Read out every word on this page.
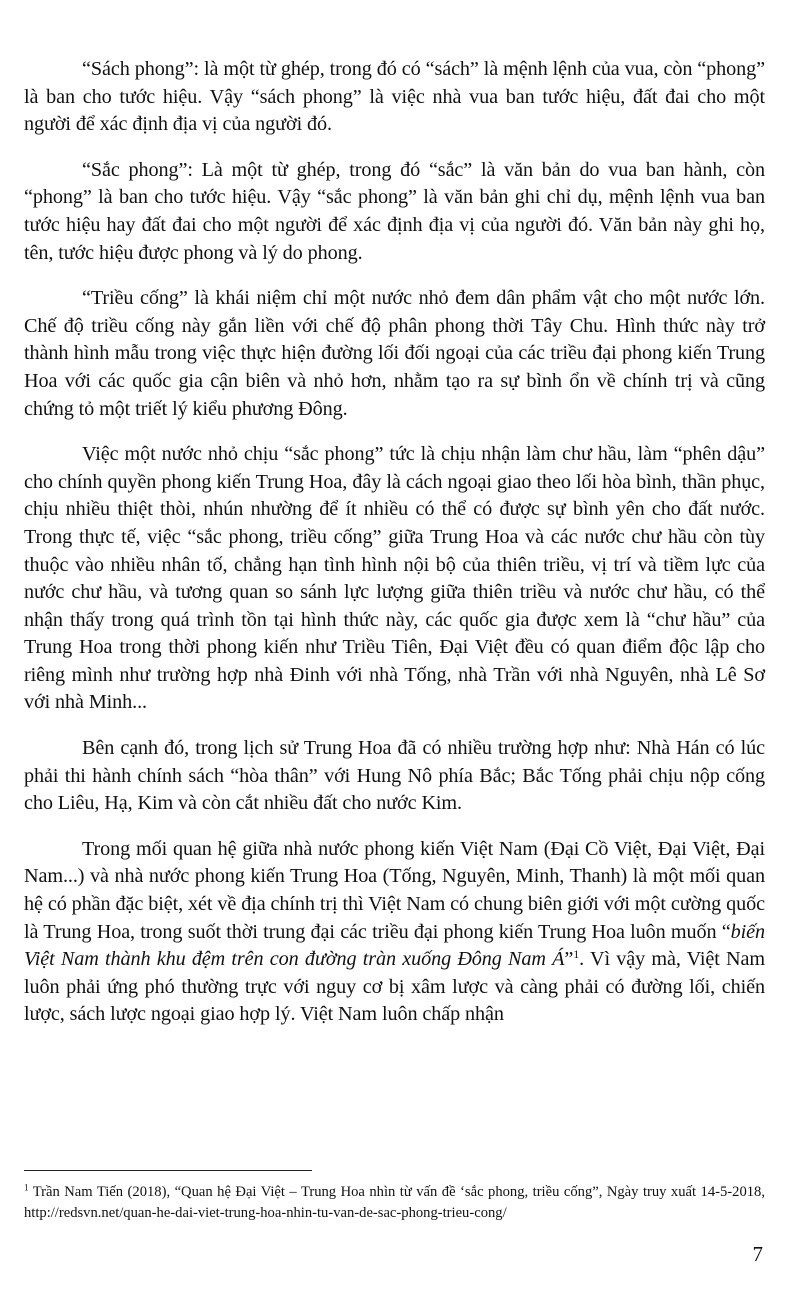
“Sách phong”: là một từ ghép, trong đó có “sách” là mệnh lệnh của vua, còn “phong” là ban cho tước hiệu. Vậy “sách phong” là việc nhà vua ban tước hiệu, đất đai cho một người để xác định địa vị của người đó.

“Sắc phong”: Là một từ ghép, trong đó “sắc” là văn bản do vua ban hành, còn “phong” là ban cho tước hiệu. Vậy “sắc phong” là văn bản ghi chỉ dụ, mệnh lệnh vua ban tước hiệu hay đất đai cho một người để xác định địa vị của người đó. Văn bản này ghi họ, tên, tước hiệu được phong và lý do phong.

“Triều cống” là khái niệm chỉ một nước nhỏ đem dân phẩm vật cho một nước lớn. Chế độ triều cống này gắn liền với chế độ phân phong thời Tây Chu. Hình thức này trở thành hình mẫu trong việc thực hiện đường lối đối ngoại của các triều đại phong kiến Trung Hoa với các quốc gia cận biên và nhỏ hơn, nhằm tạo ra sự bình ổn về chính trị và cũng chứng tỏ một triết lý kiểu phương Đông.

Việc một nước nhỏ chịu “sắc phong” tức là chịu nhận làm chư hầu, làm “phên dậu” cho chính quyền phong kiến Trung Hoa, đây là cách ngoại giao theo lối hòa bình, thần phục, chịu nhiều thiệt thòi, nhún nhường để ít nhiều có thể có được sự bình yên cho đất nước. Trong thực tế, việc “sắc phong, triều cống” giữa Trung Hoa và các nước chư hầu còn tùy thuộc vào nhiều nhân tố, chẳng hạn tình hình nội bộ của thiên triều, vị trí và tiềm lực của nước chư hầu, và tương quan so sánh lực lượng giữa thiên triều và nước chư hầu, có thể nhận thấy trong quá trình tồn tại hình thức này, các quốc gia được xem là “chư hầu” của Trung Hoa trong thời phong kiến như Triều Tiên, Đại Việt đều có quan điểm độc lập cho riêng mình như trường hợp nhà Đinh với nhà Tống, nhà Trần với nhà Nguyên, nhà Lê Sơ với nhà Minh...

Bên cạnh đó, trong lịch sử Trung Hoa đã có nhiều trường hợp như: Nhà Hán có lúc phải thi hành chính sách “hòa thân” với Hung Nô phía Bắc; Bắc Tống phải chịu nộp cống cho Liêu, Hạ, Kim và còn cắt nhiều đất cho nước Kim.

Trong mối quan hệ giữa nhà nước phong kiến Việt Nam (Đại Cồ Việt, Đại Việt, Đại Nam...) và nhà nước phong kiến Trung Hoa (Tống, Nguyên, Minh, Thanh) là một mối quan hệ có phần đặc biệt, xét về địa chính trị thì Việt Nam có chung biên giới với một cường quốc là Trung Hoa, trong suốt thời trung đại các triều đại phong kiến Trung Hoa luôn muốn “biến Việt Nam thành khu đệm trên con đường tràn xuống Đông Nam Á”$^1$. Vì vậy mà, Việt Nam luôn phải ứng phó thường trực với nguy cơ bị xâm lược và càng phải có đường lối, chiến lược, sách lược ngoại giao hợp lý. Việt Nam luôn chấp nhận

$^1$ Trần Nam Tiến (2018), “Quan hệ Đại Việt – Trung Hoa nhìn từ vấn đề ‘sắc phong, triều cống”, Ngày truy xuất 14-5-2018, http://redsvn.net/quan-he-dai-viet-trung-hoa-nhin-tu-van-de-sac-phong-trieu-cong/

7
